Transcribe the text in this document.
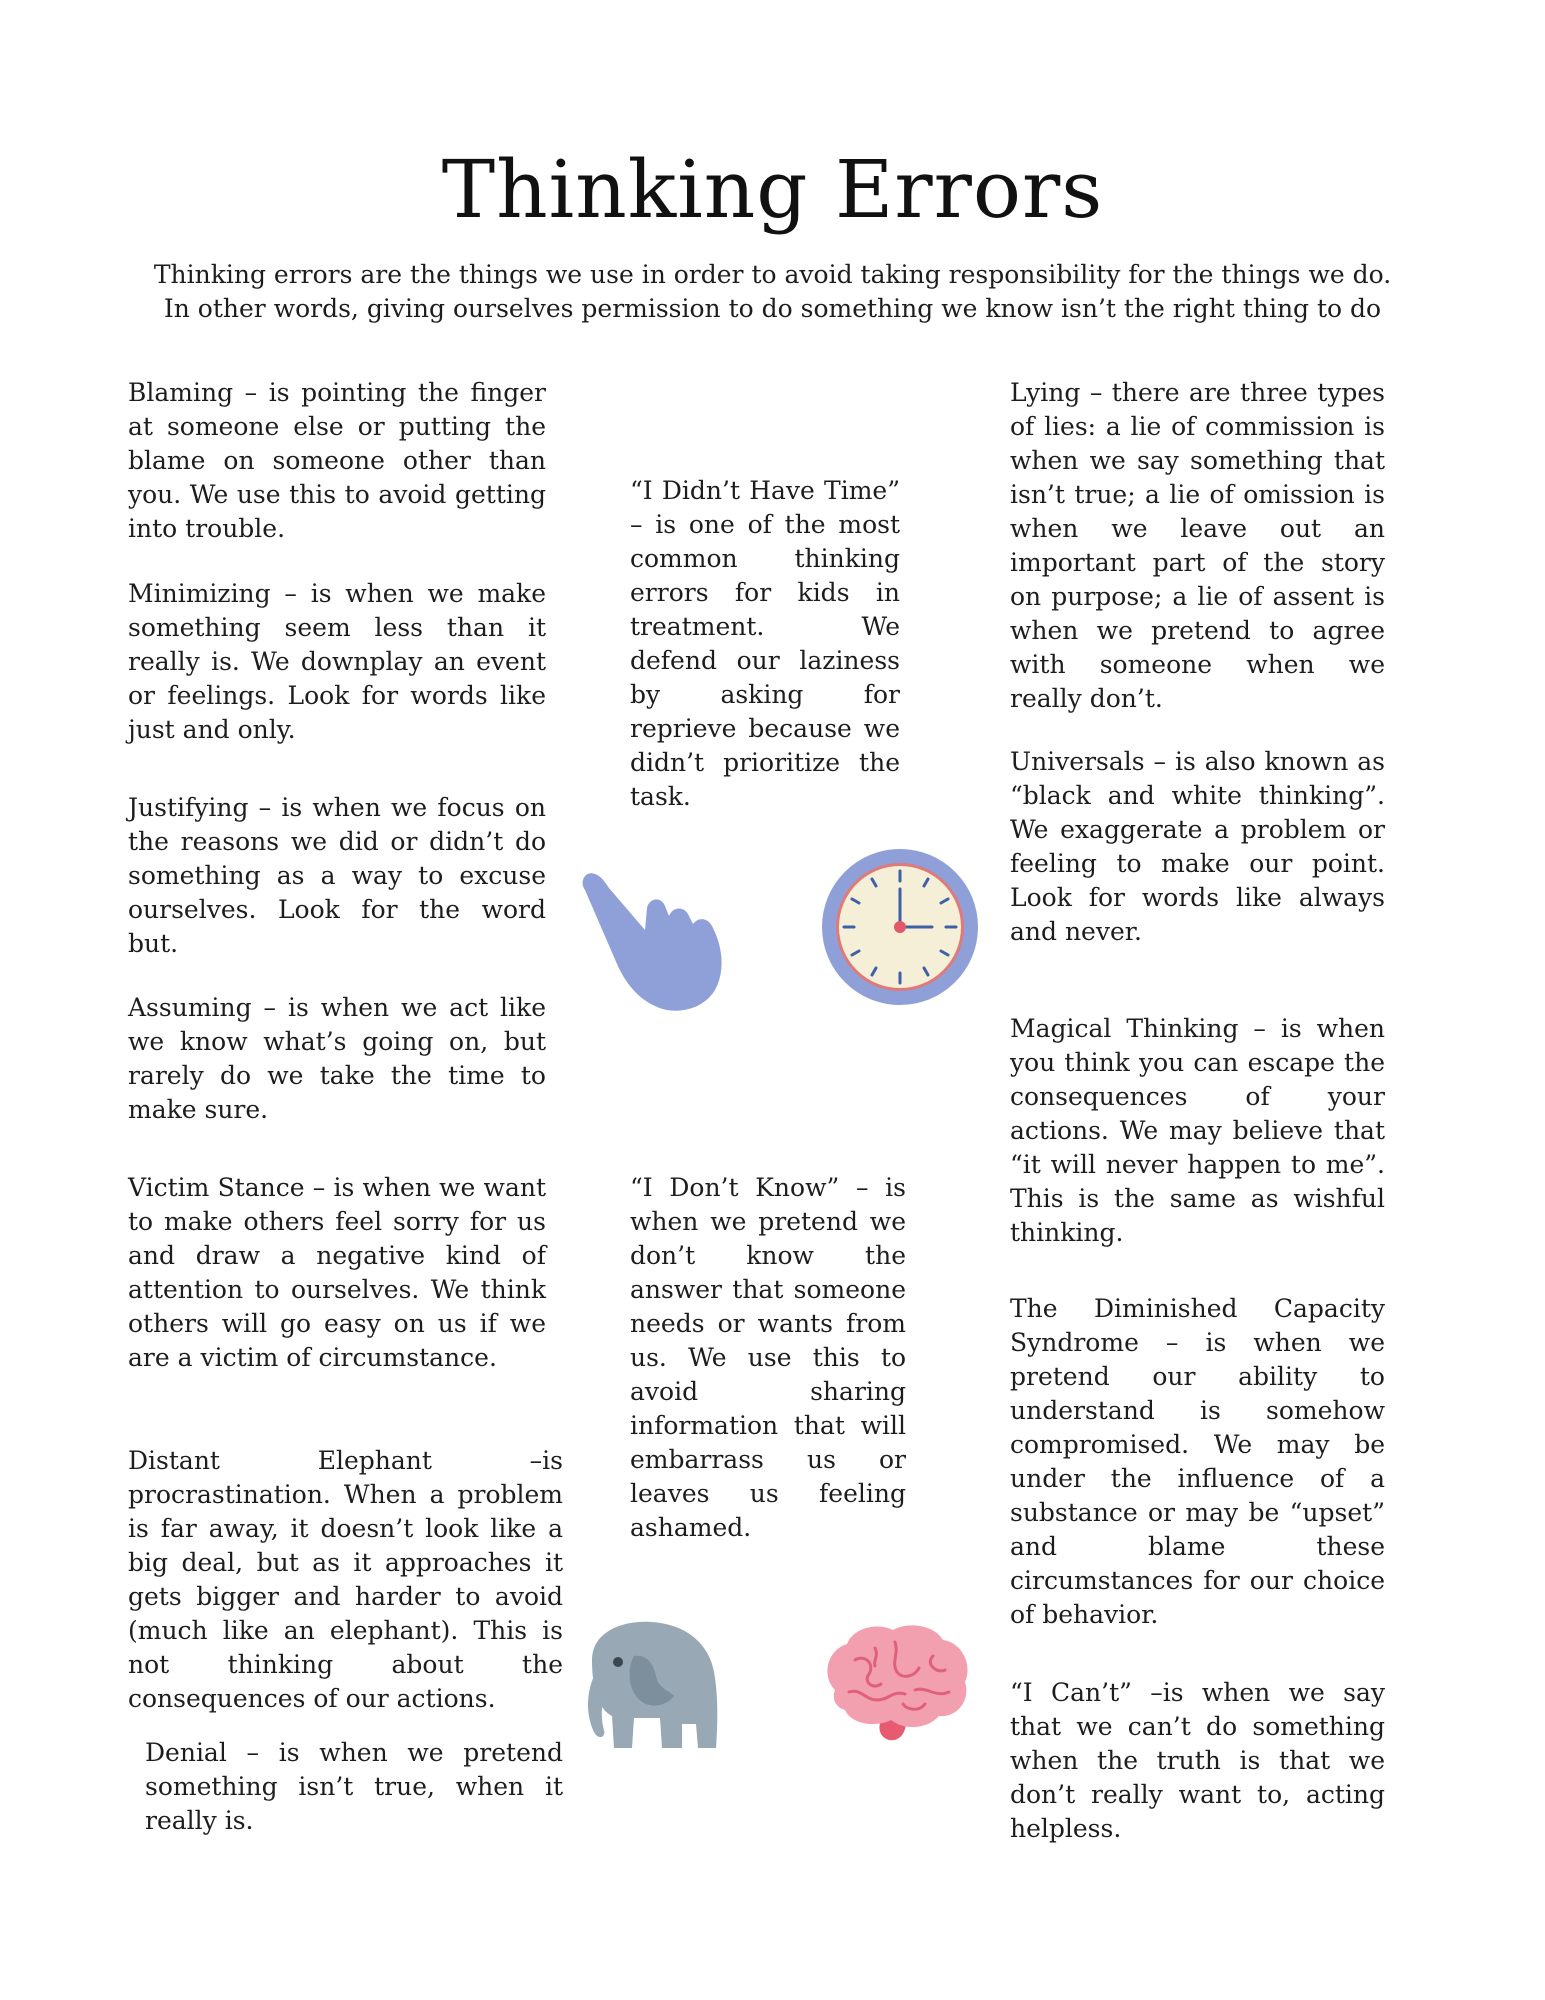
Thinking Errors
Thinking errors are the things we use in order to avoid taking responsibility for the things we do. In other words, giving ourselves permission to do something we know isn’t the right thing to do

Blaming – is pointing the finger at someone else or putting the blame on someone other than you. We use this to avoid getting into trouble.

Minimizing – is when we make something seem less than it really is. We downplay an event or feelings. Look for words like just and only.

Justifying – is when we focus on the reasons we did or didn’t do something as a way to excuse ourselves. Look for the word but.

Assuming – is when we act like we know what’s going on, but rarely do we take the time to make sure.

Victim Stance – is when we want to make others feel sorry for us and draw a negative kind of attention to ourselves. We think others will go easy on us if we are a victim of circumstance.

Distant Elephant –is procrastination. When a problem is far away, it doesn’t look like a big deal, but as it approaches it gets bigger and harder to avoid (much like an elephant). This is not thinking about the consequences of our actions.

Denial – is when we pretend something isn’t true, when it really is.

“I Didn’t Have Time” – is one of the most common thinking errors for kids in treatment. We defend our laziness by asking for reprieve because we didn’t prioritize the task.

“I Don’t Know” – is when we pretend we don’t know the answer that someone needs or wants from us. We use this to avoid sharing information that will embarrass us or leaves us feeling ashamed.

Lying – there are three types of lies: a lie of commission is when we say something that isn’t true; a lie of omission is when we leave out an important part of the story on purpose; a lie of assent is when we pretend to agree with someone when we really don’t.

Universals – is also known as “black and white thinking”. We exaggerate a problem or feeling to make our point. Look for words like always and never.

Magical Thinking – is when you think you can escape the consequences of your actions. We may believe that “it will never happen to me”. This is the same as wishful thinking.

The Diminished Capacity Syndrome – is when we pretend our ability to understand is somehow compromised. We may be under the influence of a substance or may be “upset” and blame these circumstances for our choice of behavior.

“I Can’t” –is when we say that we can’t do something when the truth is that we don’t really want to, acting helpless.
